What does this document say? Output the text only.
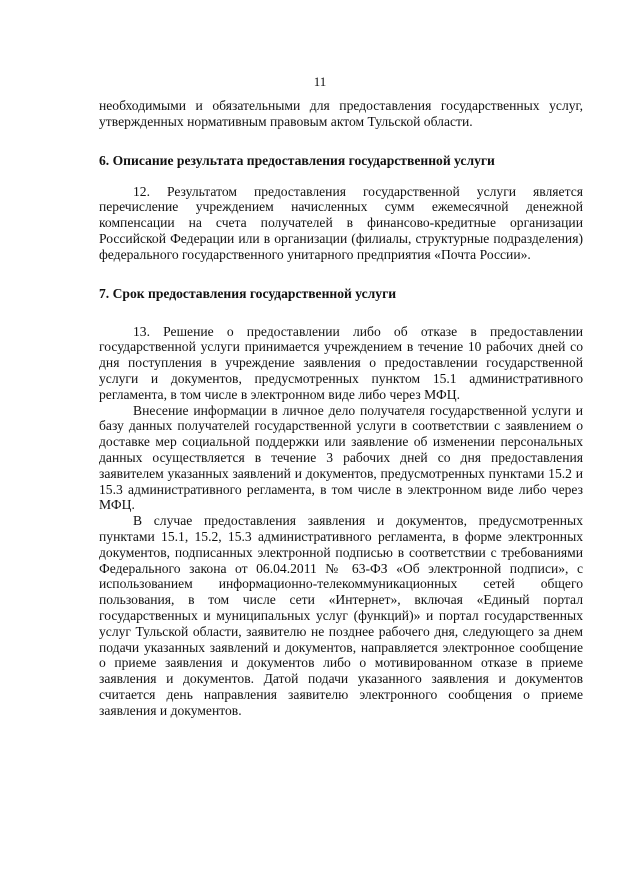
11

необходимыми и обязательными для предоставления государственных услуг, утвержденных нормативным правовым актом Тульской области.

6. Описание результата предоставления государственной услуги

12. Результатом предоставления государственной услуги является перечисление учреждением начисленных сумм ежемесячной денежной компенсации на счета получателей в финансово-кредитные организации Российской Федерации или в организации (филиалы, структурные подразделения) федерального государственного унитарного предприятия «Почта России».

7. Срок предоставления государственной услуги

13. Решение о предоставлении либо об отказе в предоставлении государственной услуги принимается учреждением в течение 10 рабочих дней со дня поступления в учреждение заявления о предоставлении государственной услуги и документов, предусмотренных пунктом 15.1 административного регламента, в том числе в электронном виде либо через МФЦ.

Внесение информации в личное дело получателя государственной услуги и базу данных получателей государственной услуги в соответствии с заявлением о доставке мер социальной поддержки или заявление об изменении персональных данных осуществляется в течение 3 рабочих дней со дня предоставления заявителем указанных заявлений и документов, предусмотренных пунктами 15.2 и 15.3 административного регламента, в том числе в электронном виде либо через МФЦ.

В случае предоставления заявления и документов, предусмотренных пунктами 15.1, 15.2, 15.3 административного регламента, в форме электронных документов, подписанных электронной подписью в соответствии с требованиями Федерального закона от 06.04.2011 № 63-ФЗ «Об электронной подписи», с использованием информационно-телекоммуникационных сетей общего пользования, в том числе сети «Интернет», включая «Единый портал государственных и муниципальных услуг (функций)» и портал государственных услуг Тульской области, заявителю не позднее рабочего дня, следующего за днем подачи указанных заявлений и документов, направляется электронное сообщение о приеме заявления и документов либо о мотивированном отказе в приеме заявления и документов. Датой подачи указанного заявления и документов считается день направления заявителю электронного сообщения о приеме заявления и документов.
